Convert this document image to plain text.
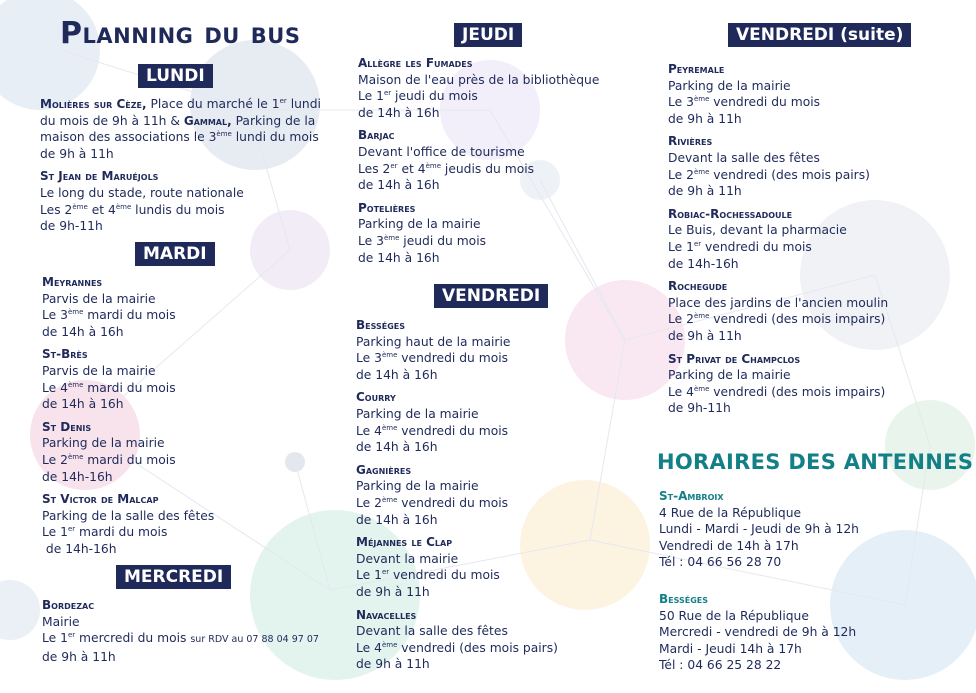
Planning du bus
LUNDI
Molières sur Cèze, Place du marché le 1er lundi
du mois de 9h à 11h & Gammal, Parking de la
maison des associations le 3ème lundi du mois
de 9h à 11h
St Jean de Maruéjols
Le long du stade, route nationale
Les 2ème et 4ème lundis du mois
de 9h-11h
MARDI
Meyrannes
Parvis de la mairie
Le 3ème mardi du mois
de 14h à 16h
St-Brès
Parvis de la mairie
Le 4ème mardi du mois
de 14h à 16h
St Denis
Parking de la mairie
Le 2ème mardi du mois
de 14h-16h
St Victor de Malcap
Parking de la salle des fêtes
Le 1er mardi du mois
de 14h-16h
MERCREDI
Bordezac
Mairie
Le 1er mercredi du mois sur RDV au 07 88 04 97 07
de 9h à 11h
JEUDI
Allègre les Fumades
Maison de l'eau près de la bibliothèque
Le 1er jeudi du mois
de 14h à 16h
Barjac
Devant l'office de tourisme
Les 2er et 4ème jeudis du mois
de 14h à 16h
Potelières
Parking de la mairie
Le 3ème jeudi du mois
de 14h à 16h
VENDREDI
Bességes
Parking haut de la mairie
Le 3ème vendredi du mois
de 14h à 16h
Courry
Parking de la mairie
Le 4ème vendredi du mois
de 14h à 16h
Gagnières
Parking de la mairie
Le 2ème vendredi du mois
de 14h à 16h
Méjannes le Clap
Devant la mairie
Le 1er vendredi du mois
de 9h à 11h
Navacelles
Devant la salle des fêtes
Le 4ème vendredi (des mois pairs)
de 9h à 11h
VENDREDI (suite)
Peyremale
Parking de la mairie
Le 3ème vendredi du mois
de 9h à 11h
Rivières
Devant la salle des fêtes
Le 2ème vendredi (des mois pairs)
de 9h à 11h
Robiac-Rochessadoule
Le Buis, devant la pharmacie
Le 1er vendredi du mois
de 14h-16h
Rochegude
Place des jardins de l'ancien moulin
Le 2ème vendredi (des mois impairs)
de 9h à 11h
St Privat de Champclos
Parking de la mairie
Le 4ème vendredi (des mois impairs)
de 9h-11h
HORAIRES DES ANTENNES
St-Ambroix
4 Rue de la République
Lundi - Mardi - Jeudi de 9h à 12h
Vendredi de 14h à 17h
Tél : 04 66 56 28 70
Bességes
50 Rue de la République
Mercredi - vendredi de 9h à 12h
Mardi - Jeudi 14h à 17h
Tél : 04 66 25 28 22
